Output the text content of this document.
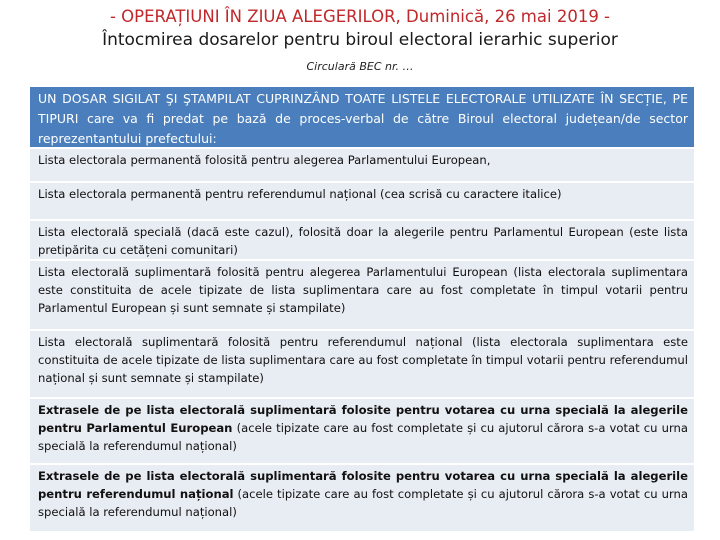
- OPERAȚIUNI ÎN ZIUA ALEGERILOR, Duminică, 26 mai 2019 -
Întocmirea dosarelor pentru biroul electoral ierarhic superior
Circulară BEC nr. …
UN DOSAR SIGILAT ŞI ŞTAMPILAT CUPRINZÂND TOATE LISTELE ELECTORALE UTILIZATE ÎN SECȚIE, PE TIPURI care va fi predat pe bază de proces-verbal de către Biroul electoral județean/de sector reprezentantului prefectului:
Lista electorala permanentă folosită pentru alegerea Parlamentului European,
Lista electorala permanentă pentru referendumul național (cea scrisă cu caractere italice)
Lista electorală specială (dacă este cazul), folosită doar la alegerile pentru Parlamentul European (este lista pretipărita cu cetățeni comunitari)
Lista electorală suplimentară folosită pentru alegerea Parlamentului European (lista electorala suplimentara este constituita de acele tipizate de lista suplimentara care au fost completate în timpul votarii pentru Parlamentul European și sunt semnate și stampilate)
Lista electorală suplimentară folosită pentru referendumul național (lista electorala suplimentara este constituita de acele tipizate de lista suplimentara care au fost completate în timpul votarii pentru referendumul național și sunt semnate și stampilate)
Extrasele de pe lista electorală suplimentară folosite pentru votarea cu urna specială la alegerile pentru Parlamentul European (acele tipizate care au fost completate și cu ajutorul cărora s-a votat cu urna specială la referendumul național)
Extrasele de pe lista electorală suplimentară folosite pentru votarea cu urna specială la alegerile pentru referendumul național (acele tipizate care au fost completate și cu ajutorul cărora s-a votat cu urna specială la referendumul național)
